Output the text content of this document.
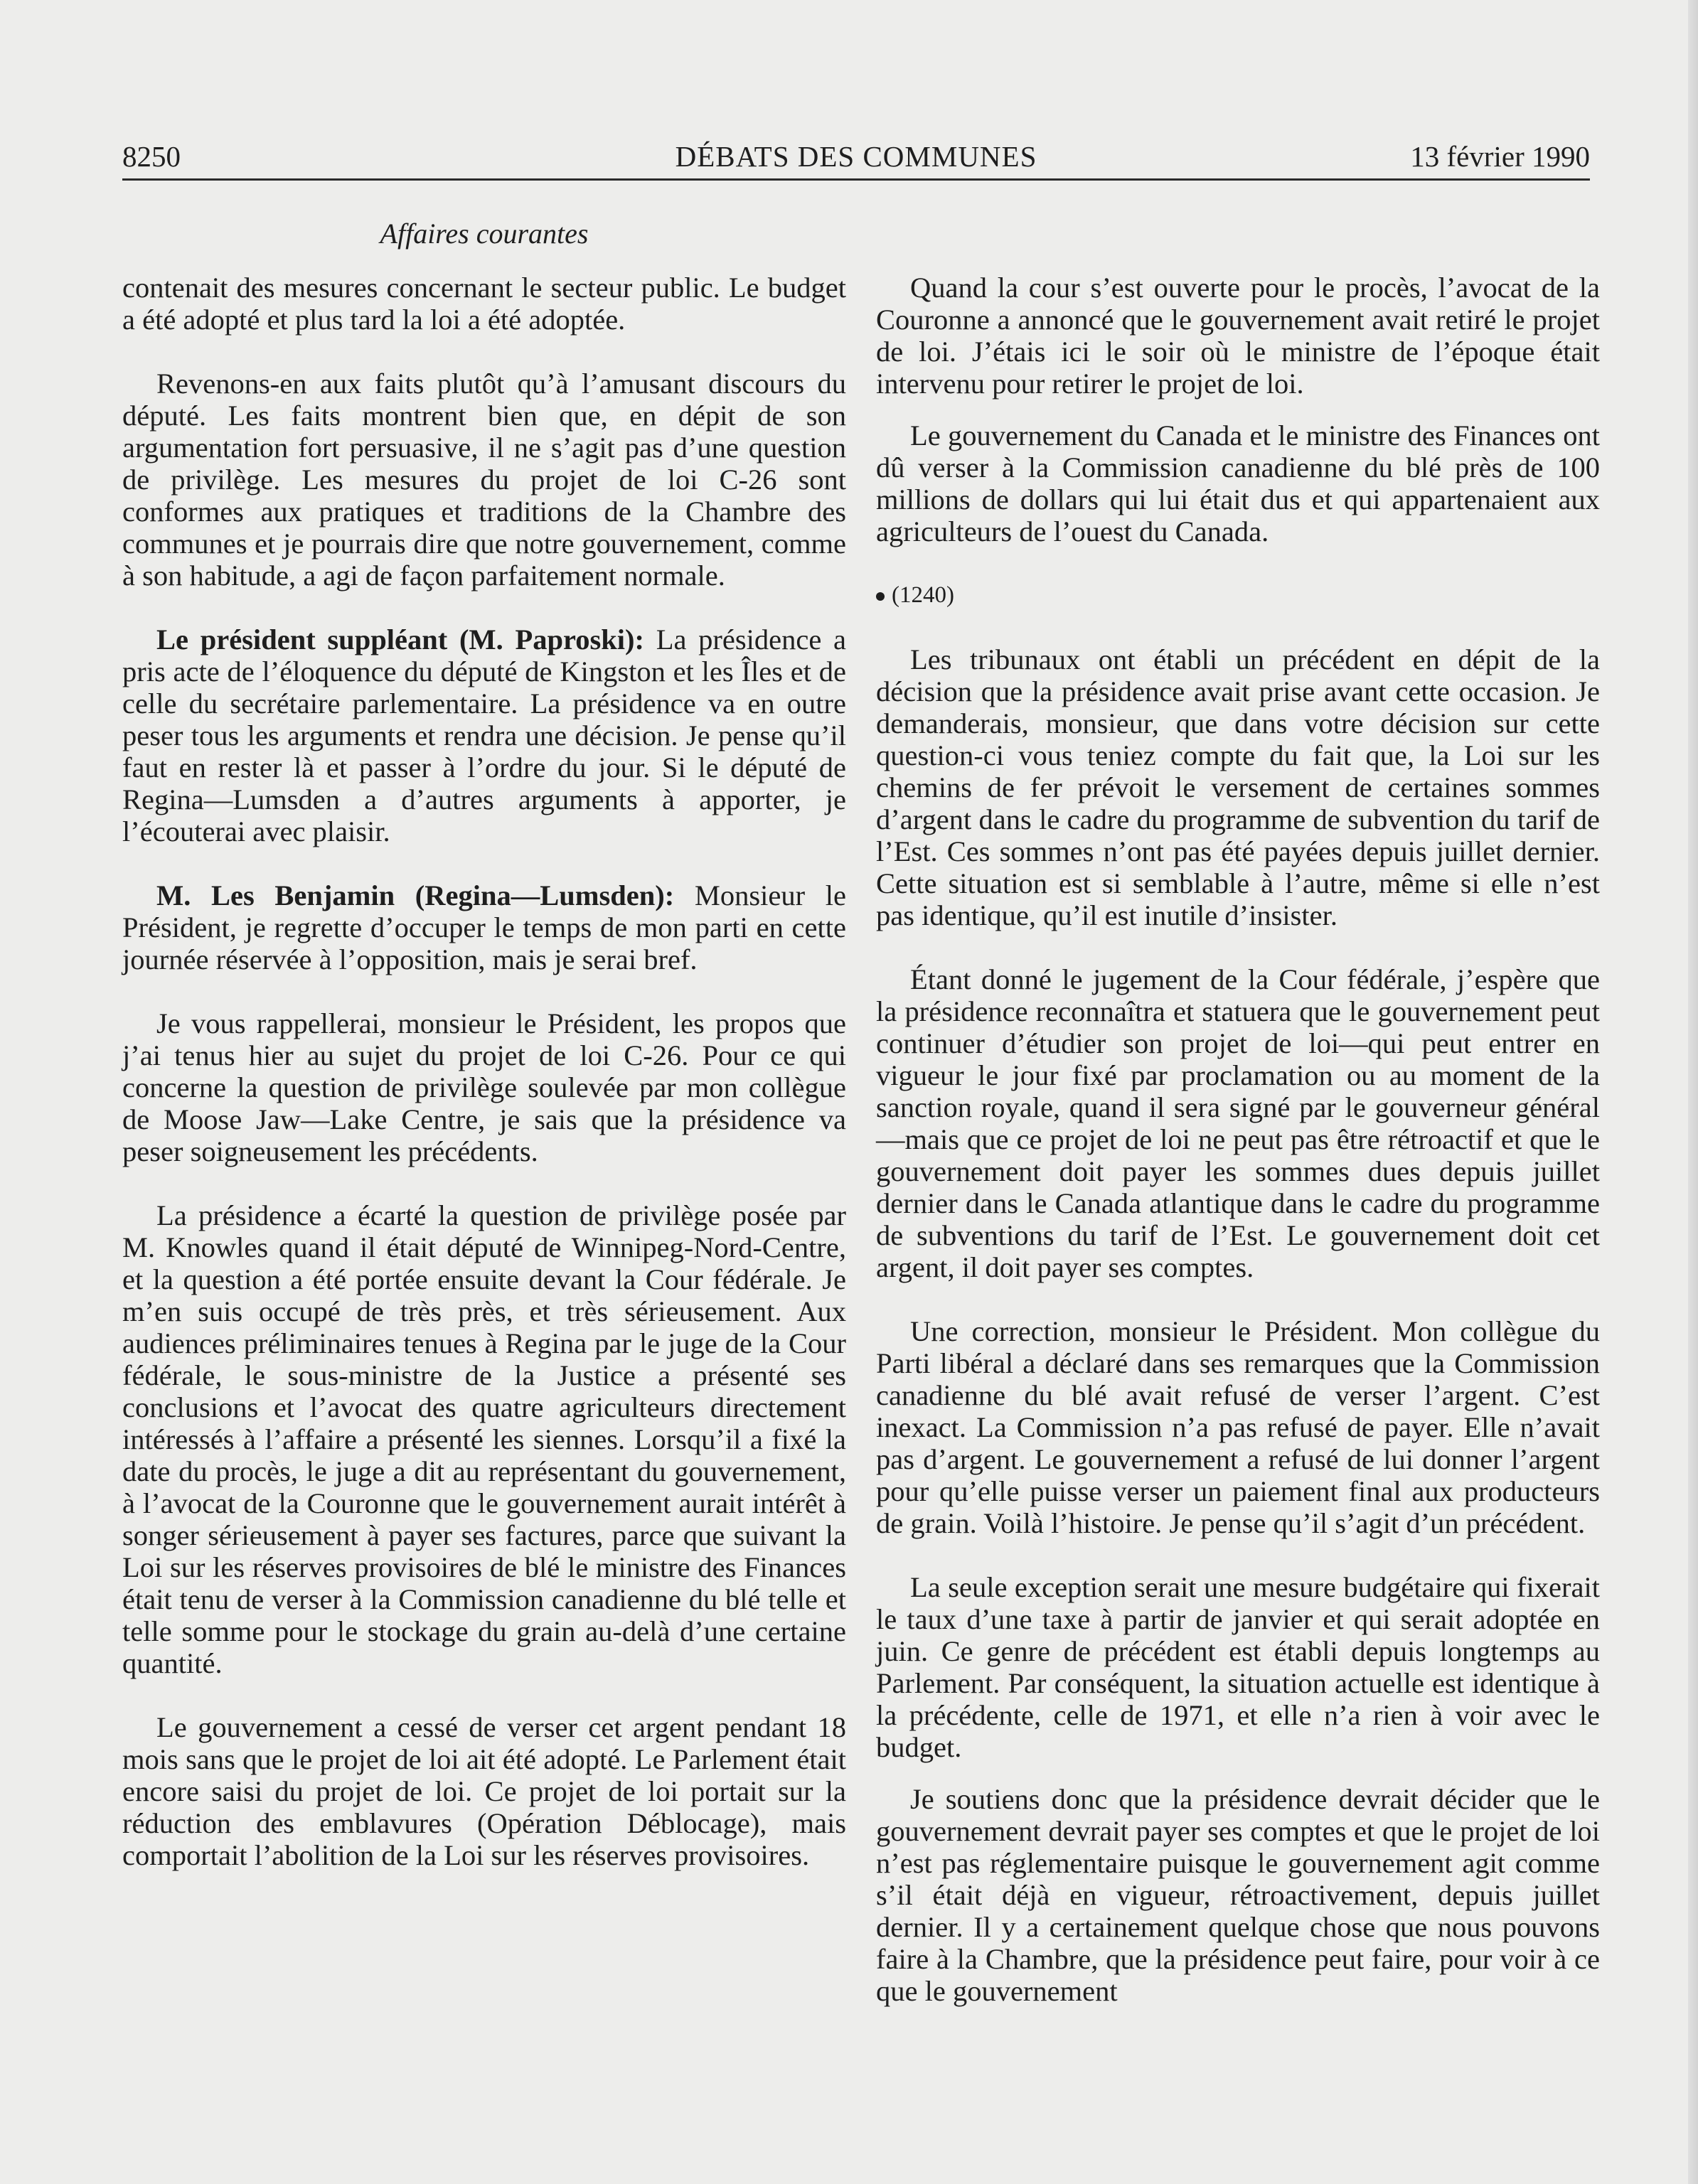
8250	DÉBATS DES COMMUNES	13 février 1990
Affaires courantes

contenait des mesures concernant le secteur public. Le budget a été adopté et plus tard la loi a été adoptée.

Revenons-en aux faits plutôt qu’à l’amusant discours du député. Les faits montrent bien que, en dépit de son argumentation fort persuasive, il ne s’agit pas d’une question de privilège. Les mesures du projet de loi C-26 sont conformes aux pratiques et traditions de la Chambre des communes et je pourrais dire que notre gouvernement, comme à son habitude, a agi de façon parfaitement normale.

Le président suppléant (M. Paproski): La présidence a pris acte de l’éloquence du député de Kingston et les Îles et de celle du secrétaire parlementaire. La présidence va en outre peser tous les arguments et rendra une décision. Je pense qu’il faut en rester là et passer à l’ordre du jour. Si le député de Regina—Lumsden a d’autres arguments à apporter, je l’écouterai avec plaisir.

M. Les Benjamin (Regina—Lumsden): Monsieur le Président, je regrette d’occuper le temps de mon parti en cette journée réservée à l’opposition, mais je serai bref.

Je vous rappellerai, monsieur le Président, les propos que j’ai tenus hier au sujet du projet de loi C-26. Pour ce qui concerne la question de privilège soulevée par mon collègue de Moose Jaw—Lake Centre, je sais que la présidence va peser soigneusement les précédents.

La présidence a écarté la question de privilège posée par M. Knowles quand il était député de Winnipeg-Nord-Centre, et la question a été portée ensuite devant la Cour fédérale. Je m’en suis occupé de très près, et très sérieusement. Aux audiences préliminaires tenues à Regina par le juge de la Cour fédérale, le sous-ministre de la Justice a présenté ses conclusions et l’avocat des quatre agriculteurs directement intéressés à l’affaire a présenté les siennes. Lorsqu’il a fixé la date du procès, le juge a dit au représentant du gouvernement, à l’avocat de la Couronne que le gouvernement aurait intérêt à songer sérieusement à payer ses factures, parce que suivant la Loi sur les réserves provisoires de blé le ministre des Finances était tenu de verser à la Commission canadienne du blé telle et telle somme pour le stockage du grain au-delà d’une certaine quantité.

Le gouvernement a cessé de verser cet argent pendant 18 mois sans que le projet de loi ait été adopté. Le Parlement était encore saisi du projet de loi. Ce projet de loi portait sur la réduction des emblavures (Opération Déblocage), mais comportait l’abolition de la Loi sur les réserves provisoires.

Quand la cour s’est ouverte pour le procès, l’avocat de la Couronne a annoncé que le gouvernement avait retiré le projet de loi. J’étais ici le soir où le ministre de l’époque était intervenu pour retirer le projet de loi.

Le gouvernement du Canada et le ministre des Finances ont dû verser à la Commission canadienne du blé près de 100 millions de dollars qui lui était dus et qui appartenaient aux agriculteurs de l’ouest du Canada.

(1240)

Les tribunaux ont établi un précédent en dépit de la décision que la présidence avait prise avant cette occasion. Je demanderais, monsieur, que dans votre décision sur cette question-ci vous teniez compte du fait que, la Loi sur les chemins de fer prévoit le versement de certaines sommes d’argent dans le cadre du programme de subvention du tarif de l’Est. Ces sommes n’ont pas été payées depuis juillet dernier. Cette situation est si semblable à l’autre, même si elle n’est pas identique, qu’il est inutile d’insister.

Étant donné le jugement de la Cour fédérale, j’espère que la présidence reconnaîtra et statuera que le gouvernement peut continuer d’étudier son projet de loi—qui peut entrer en vigueur le jour fixé par proclamation ou au moment de la sanction royale, quand il sera signé par le gouverneur général—mais que ce projet de loi ne peut pas être rétroactif et que le gouvernement doit payer les sommes dues depuis juillet dernier dans le Canada atlantique dans le cadre du programme de subventions du tarif de l’Est. Le gouvernement doit cet argent, il doit payer ses comptes.

Une correction, monsieur le Président. Mon collègue du Parti libéral a déclaré dans ses remarques que la Commission canadienne du blé avait refusé de verser l’argent. C’est inexact. La Commission n’a pas refusé de payer. Elle n’avait pas d’argent. Le gouvernement a refusé de lui donner l’argent pour qu’elle puisse verser un paiement final aux producteurs de grain. Voilà l’histoire. Je pense qu’il s’agit d’un précédent.

La seule exception serait une mesure budgétaire qui fixerait le taux d’une taxe à partir de janvier et qui serait adoptée en juin. Ce genre de précédent est établi depuis longtemps au Parlement. Par conséquent, la situation actuelle est identique à la précédente, celle de 1971, et elle n’a rien à voir avec le budget.

Je soutiens donc que la présidence devrait décider que le gouvernement devrait payer ses comptes et que le projet de loi n’est pas réglementaire puisque le gouvernement agit comme s’il était déjà en vigueur, rétroactivement, depuis juillet dernier. Il y a certainement quelque chose que nous pouvons faire à la Chambre, que la présidence peut faire, pour voir à ce que le gouvernement
